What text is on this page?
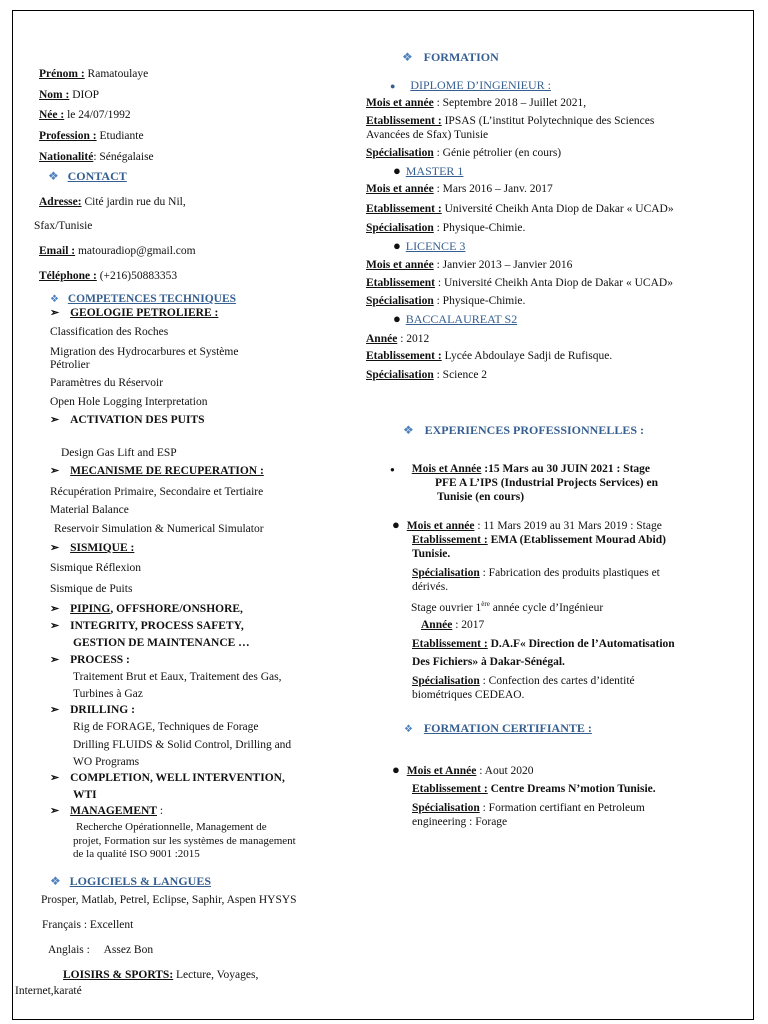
Prénom : Ramatoulaye
Nom : DIOP
Née : le 24/07/1992
Profession : Etudiante
Nationalité: Sénégalaise
❖ CONTACT
Adresse: Cité jardin rue du Nil,
Sfax/Tunisie
Email : matouradiop@gmail.com
Téléphone : (+216)50883353
❖ COMPETENCES TECHNIQUES
➢ GEOLOGIE PETROLIERE :
Classification des Roches
Migration des Hydrocarbures et Système
Pétrolier
Paramètres du Réservoir
Open Hole Logging Interpretation
➢ ACTIVATION DES PUITS
Design Gas Lift and ESP
➢ MECANISME DE RECUPERATION :
Récupération Primaire, Secondaire et Tertiaire
Material Balance
Reservoir Simulation & Numerical Simulator
➢ SISMIQUE :
Sismique Réflexion
Sismique de Puits
➢ PIPING, OFFSHORE/ONSHORE,
➢ INTEGRITY, PROCESS SAFETY,
GESTION DE MAINTENANCE …
➢ PROCESS :
Traitement Brut et Eaux, Traitement des Gas,
Turbines à Gaz
➢ DRILLING :
Rig de FORAGE, Techniques de Forage
Drilling FLUIDS & Solid Control, Drilling and
WO Programs
➢ COMPLETION, WELL INTERVENTION,
WTI
➢ MANAGEMENT :
Recherche Opérationnelle, Management de
projet, Formation sur les systèmes de management
de la qualité ISO 9001 :2015
❖ LOGICIELS & LANGUES
Prosper, Matlab, Petrel, Eclipse, Saphir, Aspen HYSYS
Français : Excellent
Anglais :     Assez Bon
LOISIRS & SPORTS: Lecture, Voyages,
Internet,karaté
❖ FORMATION
● DIPLOME D’INGENIEUR :
Mois et année : Septembre 2018 – Juillet 2021,
Etablissement : IPSAS (L’institut Polytechnique des Sciences
Avancées de Sfax) Tunisie
Spécialisation : Génie pétrolier (en cours)
● MASTER 1
Mois et année : Mars 2016 – Janv. 2017
Etablissement : Université Cheikh Anta Diop de Dakar « UCAD»
Spécialisation : Physique-Chimie.
● LICENCE 3
Mois et année : Janvier 2013 – Janvier 2016
Etablissement : Université Cheikh Anta Diop de Dakar « UCAD»
Spécialisation : Physique-Chimie.
● BACCALAUREAT S2
Année : 2012
Etablissement : Lycée Abdoulaye Sadji de Rufisque.
Spécialisation : Science 2
❖ EXPERIENCES PROFESSIONNELLES :
● Mois et Année :15 Mars au 30 JUIN 2021 : Stage
PFE A L’IPS (Industrial Projects Services) en
Tunisie (en cours)
● Mois et année : 11 Mars 2019 au 31 Mars 2019 : Stage
Etablissement : EMA (Etablissement Mourad Abid)
Tunisie.
Spécialisation : Fabrication des produits plastiques et
dérivés.
Stage ouvrier 1ère année cycle d’Ingénieur
Année : 2017
Etablissement : D.A.F« Direction de l’Automatisation
Des Fichiers» à Dakar-Sénégal.
Spécialisation : Confection des cartes d’identité
biométriques CEDEAO.
❖ FORMATION CERTIFIANTE :
● Mois et Année : Aout 2020
Etablissement : Centre Dreams N’motion Tunisie.
Spécialisation : Formation certifiant en Petroleum
engineering : Forage
